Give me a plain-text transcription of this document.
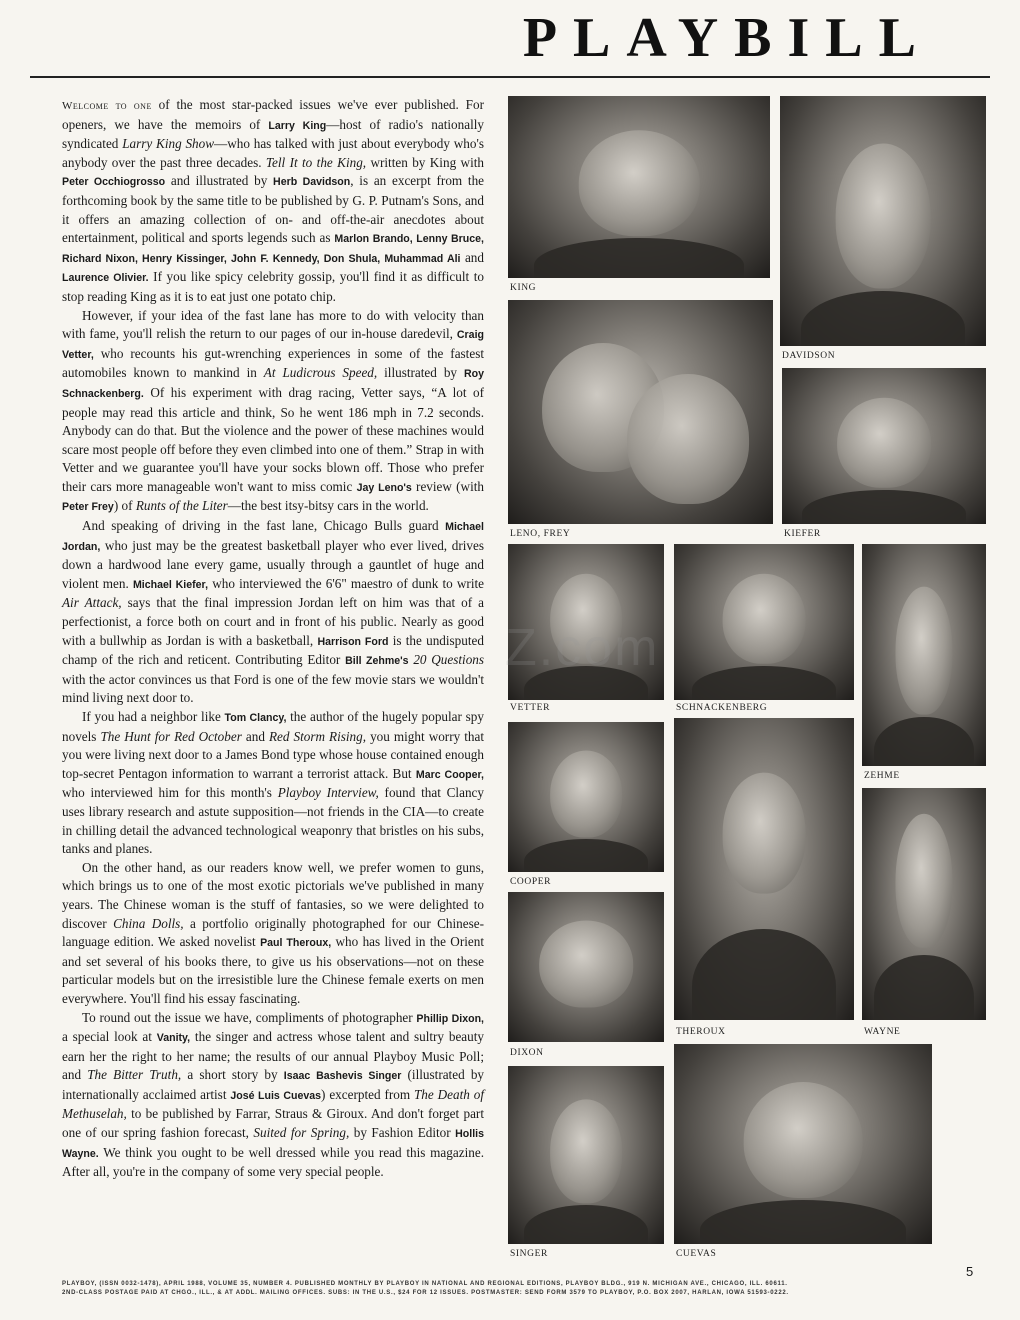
PLAYBILL

Welcome to one of the most star-packed issues we've ever published. For openers, we have the memoirs of Larry King—host of radio's nationally syndicated Larry King Show—who has talked with just about everybody who's anybody over the past three decades. Tell It to the King, written by King with Peter Occhiogrosso and illustrated by Herb Davidson, is an excerpt from the forthcoming book by the same title to be published by G. P. Putnam's Sons, and it offers an amazing collection of on- and off-the-air anecdotes about entertainment, political and sports legends such as Marlon Brando, Lenny Bruce, Richard Nixon, Henry Kissinger, John F. Kennedy, Don Shula, Muhammad Ali and Laurence Olivier. If you like spicy celebrity gossip, you'll find it as difficult to stop reading King as it is to eat just one potato chip.

However, if your idea of the fast lane has more to do with velocity than with fame, you'll relish the return to our pages of our in-house daredevil, Craig Vetter, who recounts his gut-wrenching experiences in some of the fastest automobiles known to mankind in At Ludicrous Speed, illustrated by Roy Schnackenberg. Of his experiment with drag racing, Vetter says, “A lot of people may read this article and think, So he went 186 mph in 7.2 seconds. Anybody can do that. But the violence and the power of these machines would scare most people off before they even climbed into one of them.” Strap in with Vetter and we guarantee you'll have your socks blown off. Those who prefer their cars more manageable won't want to miss comic Jay Leno's review (with Peter Frey) of Runts of the Liter—the best itsy-bitsy cars in the world.

And speaking of driving in the fast lane, Chicago Bulls guard Michael Jordan, who just may be the greatest basketball player who ever lived, drives down a hardwood lane every game, usually through a gauntlet of huge and violent men. Michael Kiefer, who interviewed the 6'6" maestro of dunk to write Air Attack, says that the final impression Jordan left on him was that of a perfectionist, a force both on court and in front of his public. Nearly as good with a bullwhip as Jordan is with a basketball, Harrison Ford is the undisputed champ of the rich and reticent. Contributing Editor Bill Zehme's 20 Questions with the actor convinces us that Ford is one of the few movie stars we wouldn't mind living next door to.

If you had a neighbor like Tom Clancy, the author of the hugely popular spy novels The Hunt for Red October and Red Storm Rising, you might worry that you were living next door to a James Bond type whose house contained enough top-secret Pentagon information to warrant a terrorist attack. But Marc Cooper, who interviewed him for this month's Playboy Interview, found that Clancy uses library research and astute supposition—not friends in the CIA—to create in chilling detail the advanced technological weaponry that bristles on his subs, tanks and planes.

On the other hand, as our readers know well, we prefer women to guns, which brings us to one of the most exotic pictorials we've published in many years. The Chinese woman is the stuff of fantasies, so we were delighted to discover China Dolls, a portfolio originally photographed for our Chinese-language edition. We asked novelist Paul Theroux, who has lived in the Orient and set several of his books there, to give us his observations—not on these particular models but on the irresistible lure the Chinese female exerts on men everywhere. You'll find his essay fascinating.

To round out the issue we have, compliments of photographer Phillip Dixon, a special look at Vanity, the singer and actress whose talent and sultry beauty earn her the right to her name; the results of our annual Playboy Music Poll; and The Bitter Truth, a short story by Isaac Bashevis Singer (illustrated by internationally acclaimed artist José Luis Cuevas) excerpted from The Death of Methuselah, to be published by Farrar, Straus & Giroux. And don't forget part one of our spring fashion forecast, Suited for Spring, by Fashion Editor Hollis Wayne. We think you ought to be well dressed while you read this magazine. After all, you're in the company of some very special people.

KING
DAVIDSON
LENO, FREY	KIEFER
VETTER	SCHNACKENBERG
ZEHME
COOPER
THEROUX	WAYNE
DIXON
SINGER	CUEVAS
Z.com
5
PLAYBOY, (ISSN 0032-1478), APRIL 1988, VOLUME 35, NUMBER 4. PUBLISHED MONTHLY BY PLAYBOY IN NATIONAL AND REGIONAL EDITIONS, PLAYBOY BLDG., 919 N. MICHIGAN AVE., CHICAGO, ILL. 60611.
2ND-CLASS POSTAGE PAID AT CHGO., ILL., & AT ADDL. MAILING OFFICES. SUBS: IN THE U.S., $24 FOR 12 ISSUES. POSTMASTER: SEND FORM 3579 TO PLAYBOY, P.O. BOX 2007, HARLAN, IOWA 51593-0222.
